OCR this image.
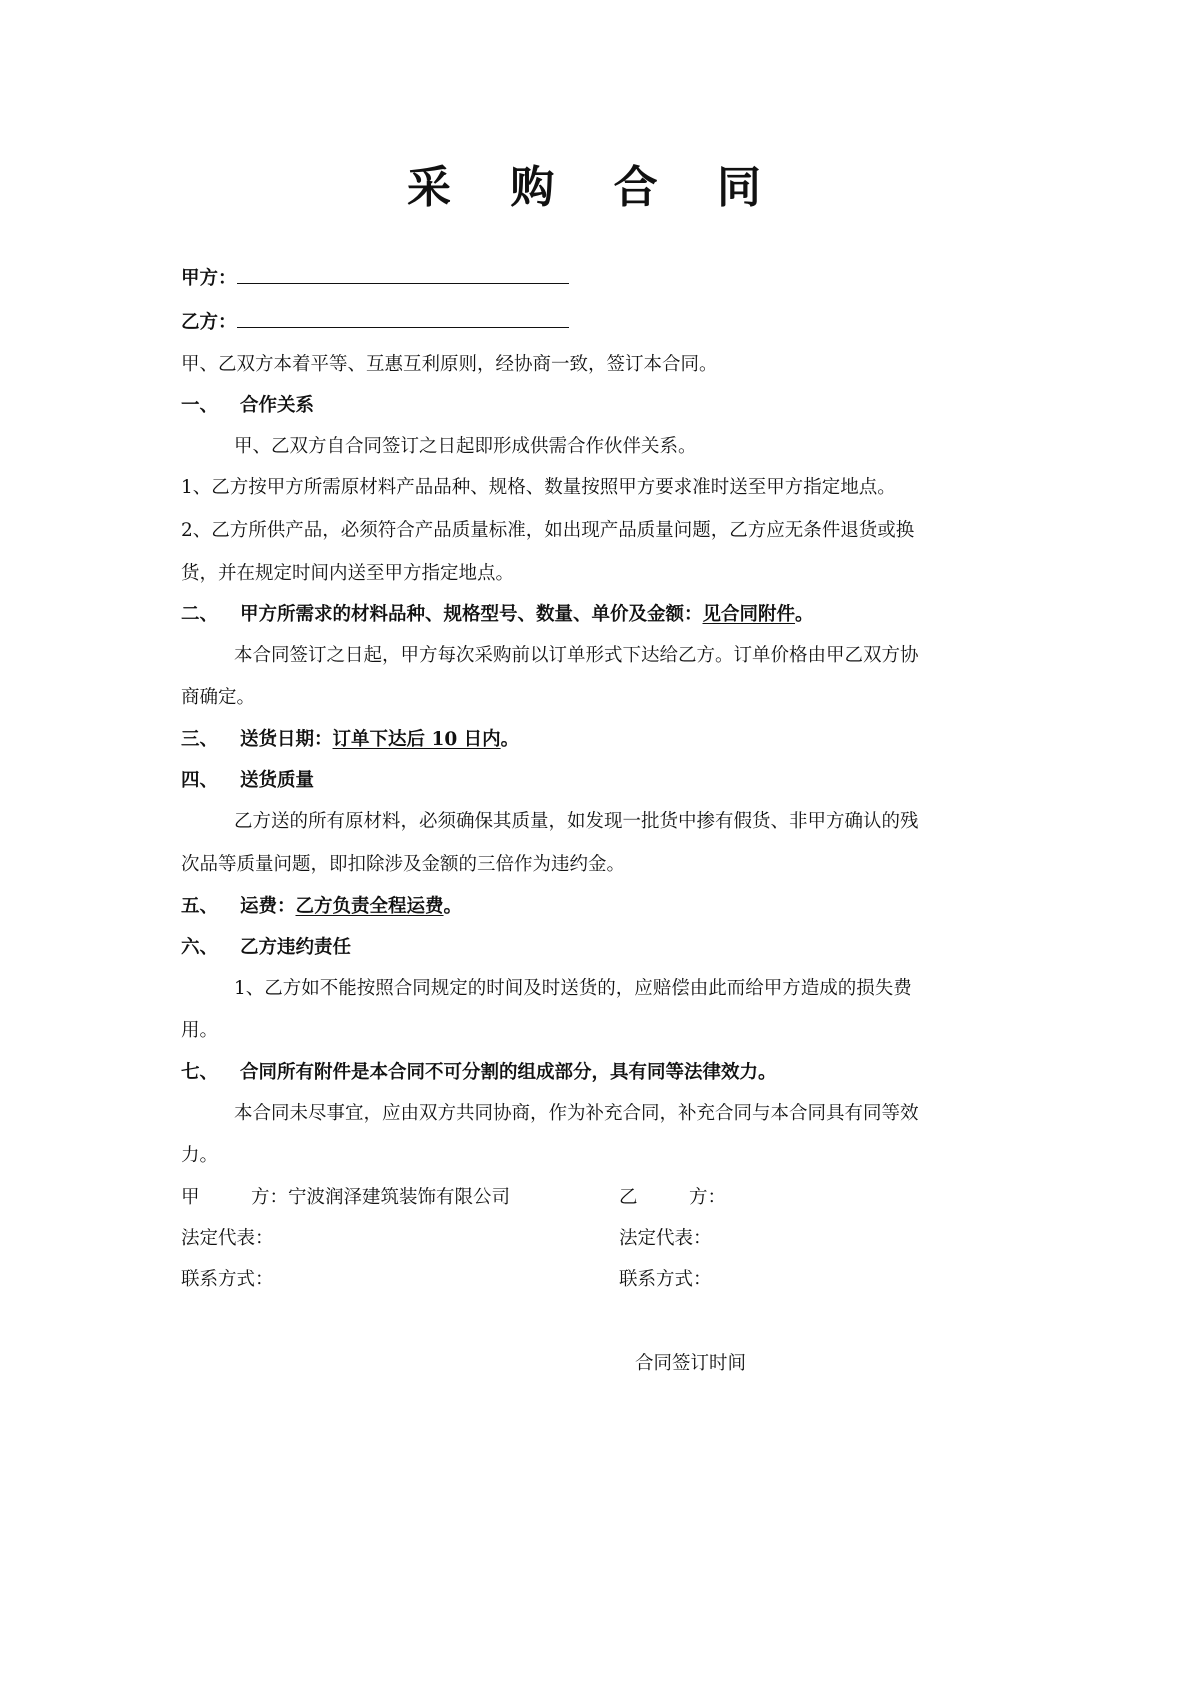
采 购 合 同
甲方：
乙方：
甲、乙双方本着平等、互惠互利原则，经协商一致，签订本合同。
一、 合作关系
甲、乙双方自合同签订之日起即形成供需合作伙伴关系。
1、乙方按甲方所需原材料产品品种、规格、数量按照甲方要求准时送至甲方指定地点。
2、乙方所供产品，必须符合产品质量标准，如出现产品质量问题，乙方应无条件退货或换
货，并在规定时间内送至甲方指定地点。
二、 甲方所需求的材料品种、规格型号、数量、单价及金额：见合同附件。
本合同签订之日起，甲方每次采购前以订单形式下达给乙方。订单价格由甲乙双方协
商确定。
三、 送货日期：订单下达后 10 日内。
四、 送货质量
乙方送的所有原材料，必须确保其质量，如发现一批货中掺有假货、非甲方确认的残
次品等质量问题，即扣除涉及金额的三倍作为违约金。
五、 运费：乙方负责全程运费。
六、 乙方违约责任
1、乙方如不能按照合同规定的时间及时送货的，应赔偿由此而给甲方造成的损失费
用。
七、 合同所有附件是本合同不可分割的组成部分，具有同等法律效力。
本合同未尽事宜，应由双方共同协商，作为补充合同，补充合同与本合同具有同等效
力。
甲	方：宁波润泽建筑装饰有限公司	乙	方：
法定代表：	法定代表：
联系方式：	联系方式：
合同签订时间
